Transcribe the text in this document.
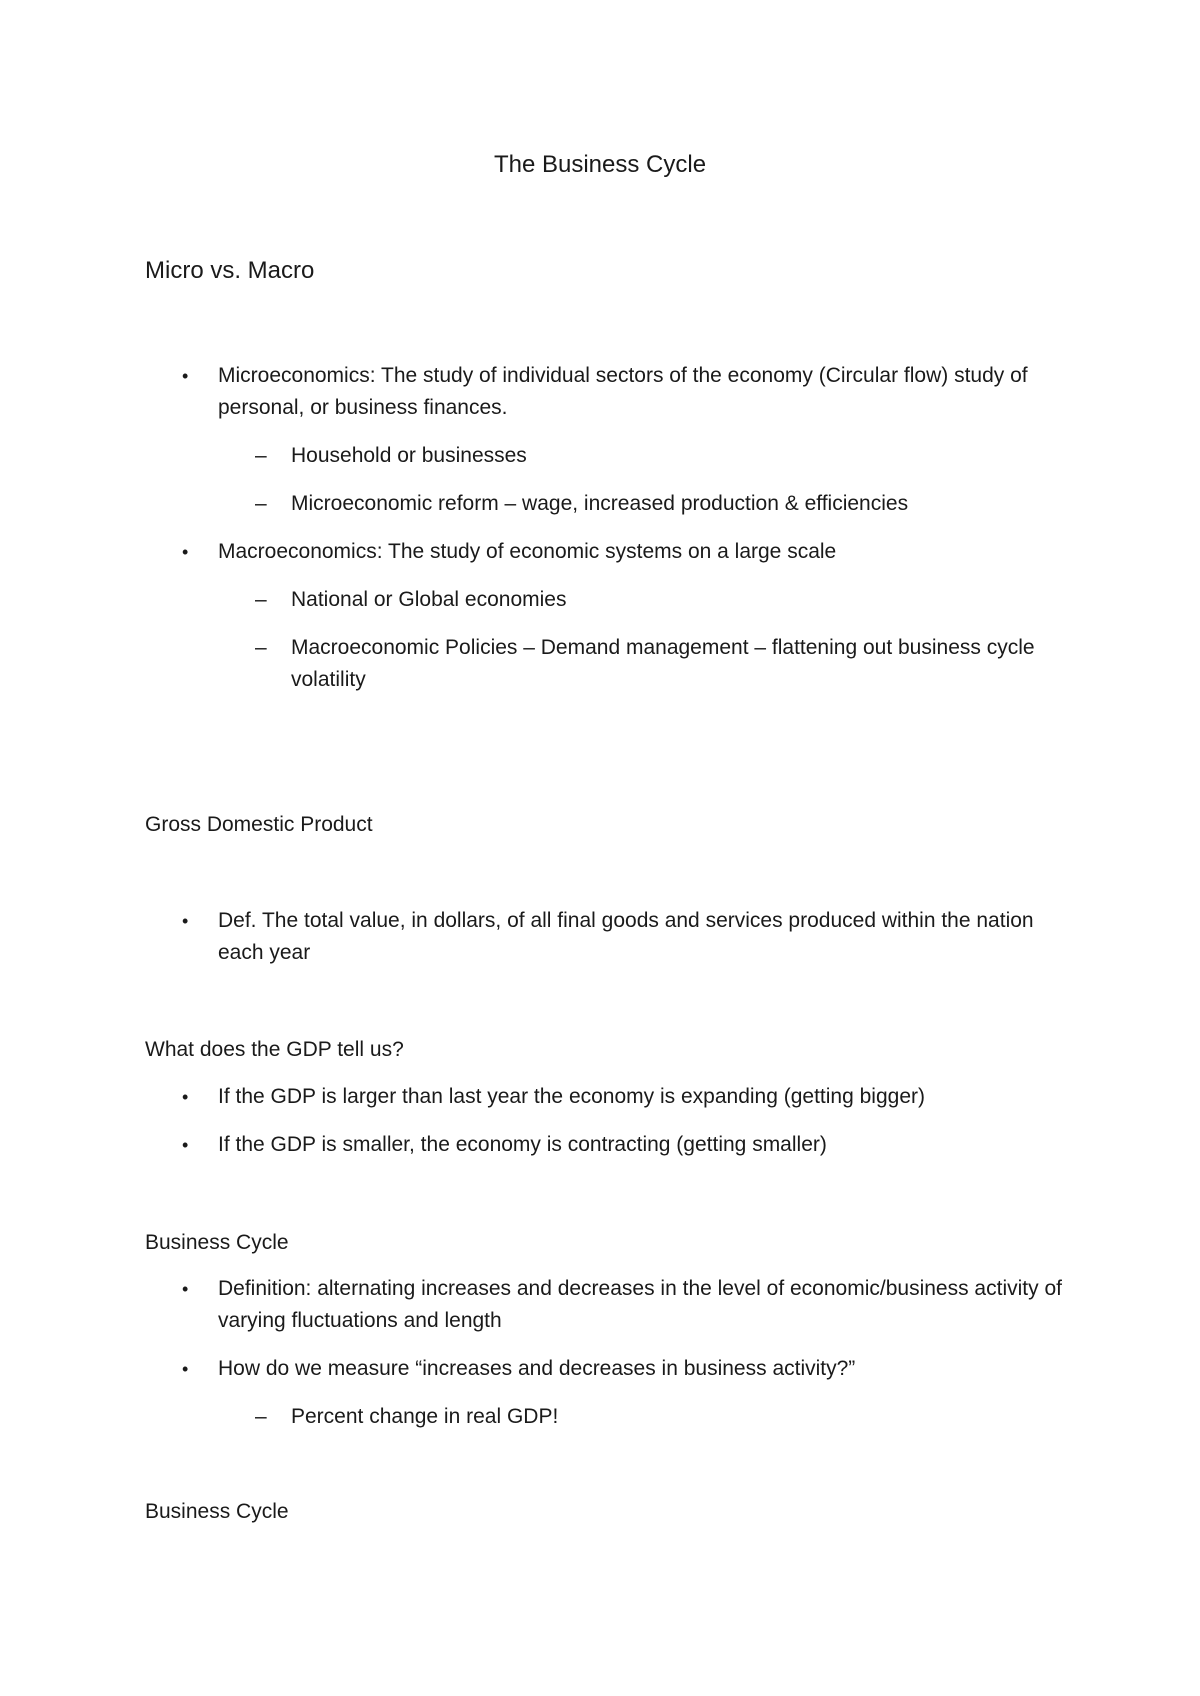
The Business Cycle
Micro vs. Macro
• Microeconomics: The study of individual sectors of the economy (Circular flow) study of personal, or business finances.
– Household or businesses
– Microeconomic reform – wage, increased production & efficiencies
• Macroeconomics: The study of economic systems on a large scale
– National or Global economies
– Macroeconomic Policies – Demand management – flattening out business cycle volatility
Gross Domestic Product
• Def. The total value, in dollars, of all final goods and services produced within the nation each year
What does the GDP tell us?
• If the GDP is larger than last year the economy is expanding (getting bigger)
• If the GDP is smaller, the economy is contracting (getting smaller)
Business Cycle
• Definition: alternating increases and decreases in the level of economic/business activity of varying fluctuations and length
• How do we measure “increases and decreases in business activity?”
– Percent change in real GDP!
Business Cycle
